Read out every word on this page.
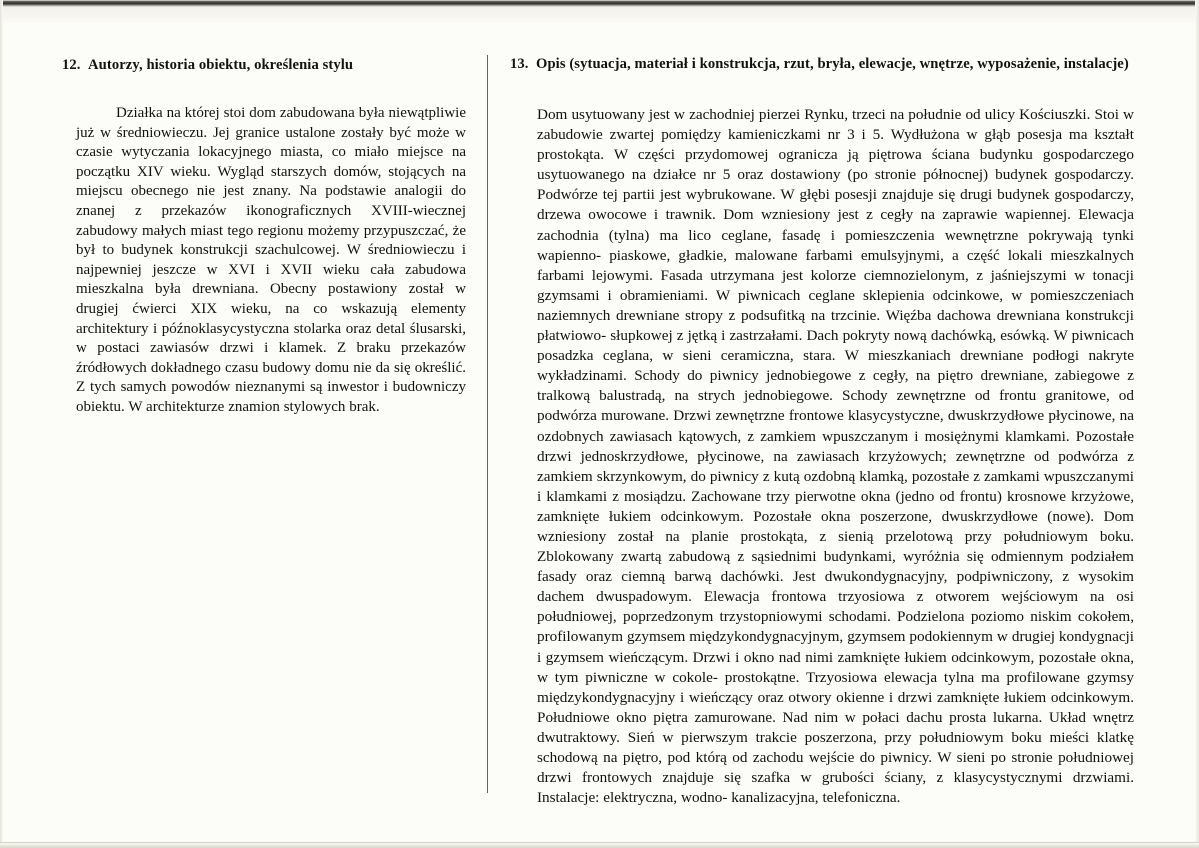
12. Autorzy, historia obiektu, określenia stylu
Działka na której stoi dom zabudowana była niewątpliwie już w średniowieczu. Jej granice ustalone zostały być może w czasie wytyczania lokacyjnego miasta, co miało miejsce na początku XIV wieku. Wygląd starszych domów, stojących na miejscu obecnego nie jest znany. Na podstawie analogii do znanej z przekazów ikonograficznych XVIII-wiecznej zabudowy małych miast tego regionu możemy przypuszczać, że był to budynek konstrukcji szachulcowej. W średniowieczu i najpewniej jeszcze w XVI i XVII wieku cała zabudowa mieszkalna była drewniana. Obecny postawiony został w drugiej ćwierci XIX wieku, na co wskazują elementy architektury i późnoklasycystyczna stolarka oraz detal ślusarski, w postaci zawiasów drzwi i klamek. Z braku przekazów źródłowych dokładnego czasu budowy domu nie da się określić. Z tych samych powodów nieznanymi są inwestor i budowniczy obiektu. W architekturze znamion stylowych brak.
13. Opis (sytuacja, materiał i konstrukcja, rzut, bryła, elewacje, wnętrze, wyposażenie, instalacje)
Dom usytuowany jest w zachodniej pierzei Rynku, trzeci na południe od ulicy Kościuszki. Stoi w zabudowie zwartej pomiędzy kamieniczkami nr 3 i 5. Wydłużona w głąb posesja ma kształt prostokąta. W części przydomowej ogranicza ją piętrowa ściana budynku gospodarczego usytuowanego na działce nr 5 oraz dostawiony (po stronie północnej) budynek gospodarczy. Podwórze tej partii jest wybrukowane. W głębi posesji znajduje się drugi budynek gospodarczy, drzewa owocowe i trawnik. Dom wzniesiony jest z cegły na zaprawie wapiennej. Elewacja zachodnia (tylna) ma lico ceglane, fasadę i pomieszczenia wewnętrzne pokrywają tynki wapienno- piaskowe, gładkie, malowane farbami emulsyjnymi, a część lokali mieszkalnych farbami lejowymi. Fasada utrzymana jest kolorze ciemnozielonym, z jaśniejszymi w tonacji gzymsami i obramieniami. W piwnicach ceglane sklepienia odcinkowe, w pomieszczeniach naziemnych drewniane stropy z podsufitką na trzcinie. Więźba dachowa drewniana konstrukcji płatwiowo- słupkowej z jętką i zastrzałami. Dach pokryty nową dachówką, esówką. W piwnicach posadzka ceglana, w sieni ceramiczna, stara. W mieszkaniach drewniane podłogi nakryte wykładzinami. Schody do piwnicy jednobiegowe z cegły, na piętro drewniane, zabiegowe z tralkową balustradą, na strych jednobiegowe. Schody zewnętrzne od frontu granitowe, od podwórza murowane. Drzwi zewnętrzne frontowe klasycystyczne, dwuskrzydłowe płycinowe, na ozdobnych zawiasach kątowych, z zamkiem wpuszczanym i mosiężnymi klamkami. Pozostałe drzwi jednoskrzydłowe, płycinowe, na zawiasach krzyżowych; zewnętrzne od podwórza z zamkiem skrzynkowym, do piwnicy z kutą ozdobną klamką, pozostałe z zamkami wpuszczanymi i klamkami z mosiądzu. Zachowane trzy pierwotne okna (jedno od frontu) krosnowe krzyżowe, zamknięte łukiem odcinkowym. Pozostałe okna poszerzone, dwuskrzydłowe (nowe). Dom wzniesiony został na planie prostokąta, z sienią przelotową przy południowym boku. Zblokowany zwartą zabudową z sąsiednimi budynkami, wyróżnia się odmiennym podziałem fasady oraz ciemną barwą dachówki. Jest dwukondygnacyjny, podpiwniczony, z wysokim dachem dwuspadowym. Elewacja frontowa trzyosiowa z otworem wejściowym na osi południowej, poprzedzonym trzystopniowymi schodami. Podzielona poziomo niskim cokołem, profilowanym gzymsem międzykondygnacyjnym, gzymsem podokiennym w drugiej kondygnacji i gzymsem wieńczącym. Drzwi i okno nad nimi zamknięte łukiem odcinkowym, pozostałe okna, w tym piwniczne w cokole- prostokątne. Trzyosiowa elewacja tylna ma profilowane gzymsy międzykondygnacyjny i wieńczący oraz otwory okienne i drzwi zamknięte łukiem odcinkowym. Południowe okno piętra zamurowane. Nad nim w połaci dachu prosta lukarna. Układ wnętrz dwutraktowy. Sień w pierwszym trakcie poszerzona, przy południowym boku mieści klatkę schodową na piętro, pod którą od zachodu wejście do piwnicy. W sieni po stronie południowej drzwi frontowych znajduje się szafka w grubości ściany, z klasycystycznymi drzwiami. Instalacje: elektryczna, wodno- kanalizacyjna, telefoniczna.
